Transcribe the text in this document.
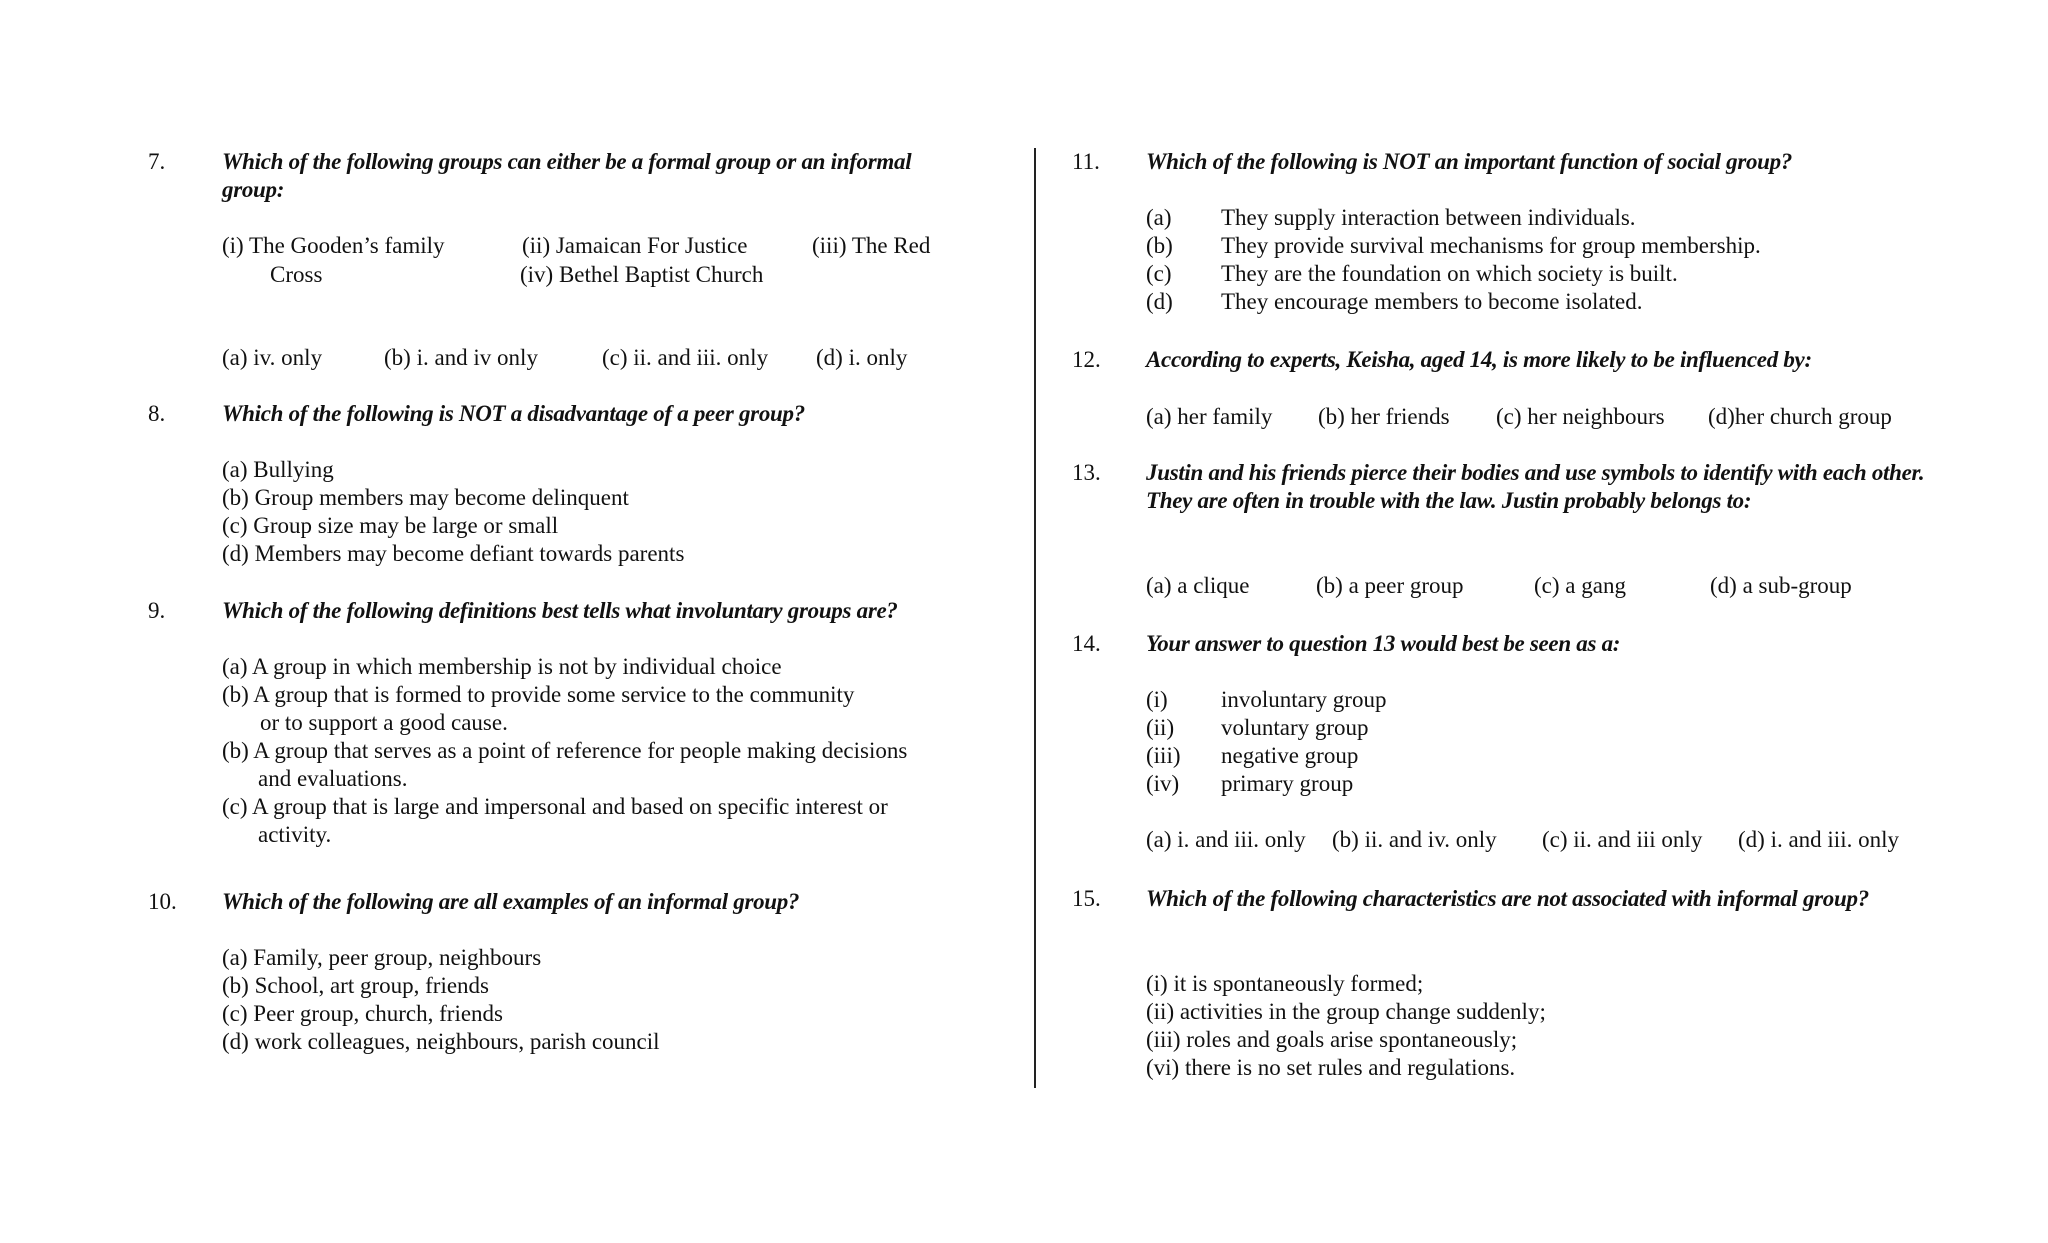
7. Which of the following groups can either be a formal group or an informal group:
(i) The Gooden’s family	(ii) Jamaican For Justice	(iii) The Red
Cross	(iv) Bethel Baptist Church
(a) iv. only	(b) i. and iv only	(c) ii. and iii. only (d) i. only
8. Which of the following is NOT a disadvantage of a peer group?
(a) Bullying
(b) Group members may become delinquent
(c) Group size may be large or small
(d) Members may become defiant towards parents
9. Which of the following definitions best tells what involuntary groups are?
(a) A group in which membership is not by individual choice
(b) A group that is formed to provide some service to the community
or to support a good cause.
(b) A group that serves as a point of reference for people making decisions
and evaluations.
(c) A group that is large and impersonal and based on specific interest or
activity.
10. Which of the following are all examples of an informal group?
(a) Family, peer group, neighbours
(b) School, art group, friends
(c) Peer group, church, friends
(d) work colleagues, neighbours, parish council
11. Which of the following is NOT an important function of social group?
(a) They supply interaction between individuals.
(b) They provide survival mechanisms for group membership.
(c) They are the foundation on which society is built.
(d) They encourage members to become isolated.
12. According to experts, Keisha, aged 14, is more likely to be influenced by:
(a) her family (b) her friends (c) her neighbours (d)her church group
13. Justin and his friends pierce their bodies and use symbols to identify with each other. They are often in trouble with the law. Justin probably belongs to:
(a) a clique	(b) a peer group	(c) a gang	(d) a sub-group
14. Your answer to question 13 would best be seen as a:
(i) involuntary group
(ii) voluntary group
(iii) negative group
(iv) primary group
(a) i. and iii. only (b) ii. and iv. only (c) ii. and iii only (d) i. and iii. only
15. Which of the following characteristics are not associated with informal group?
(i) it is spontaneously formed;
(ii) activities in the group change suddenly;
(iii) roles and goals arise spontaneously;
(vi) there is no set rules and regulations.
